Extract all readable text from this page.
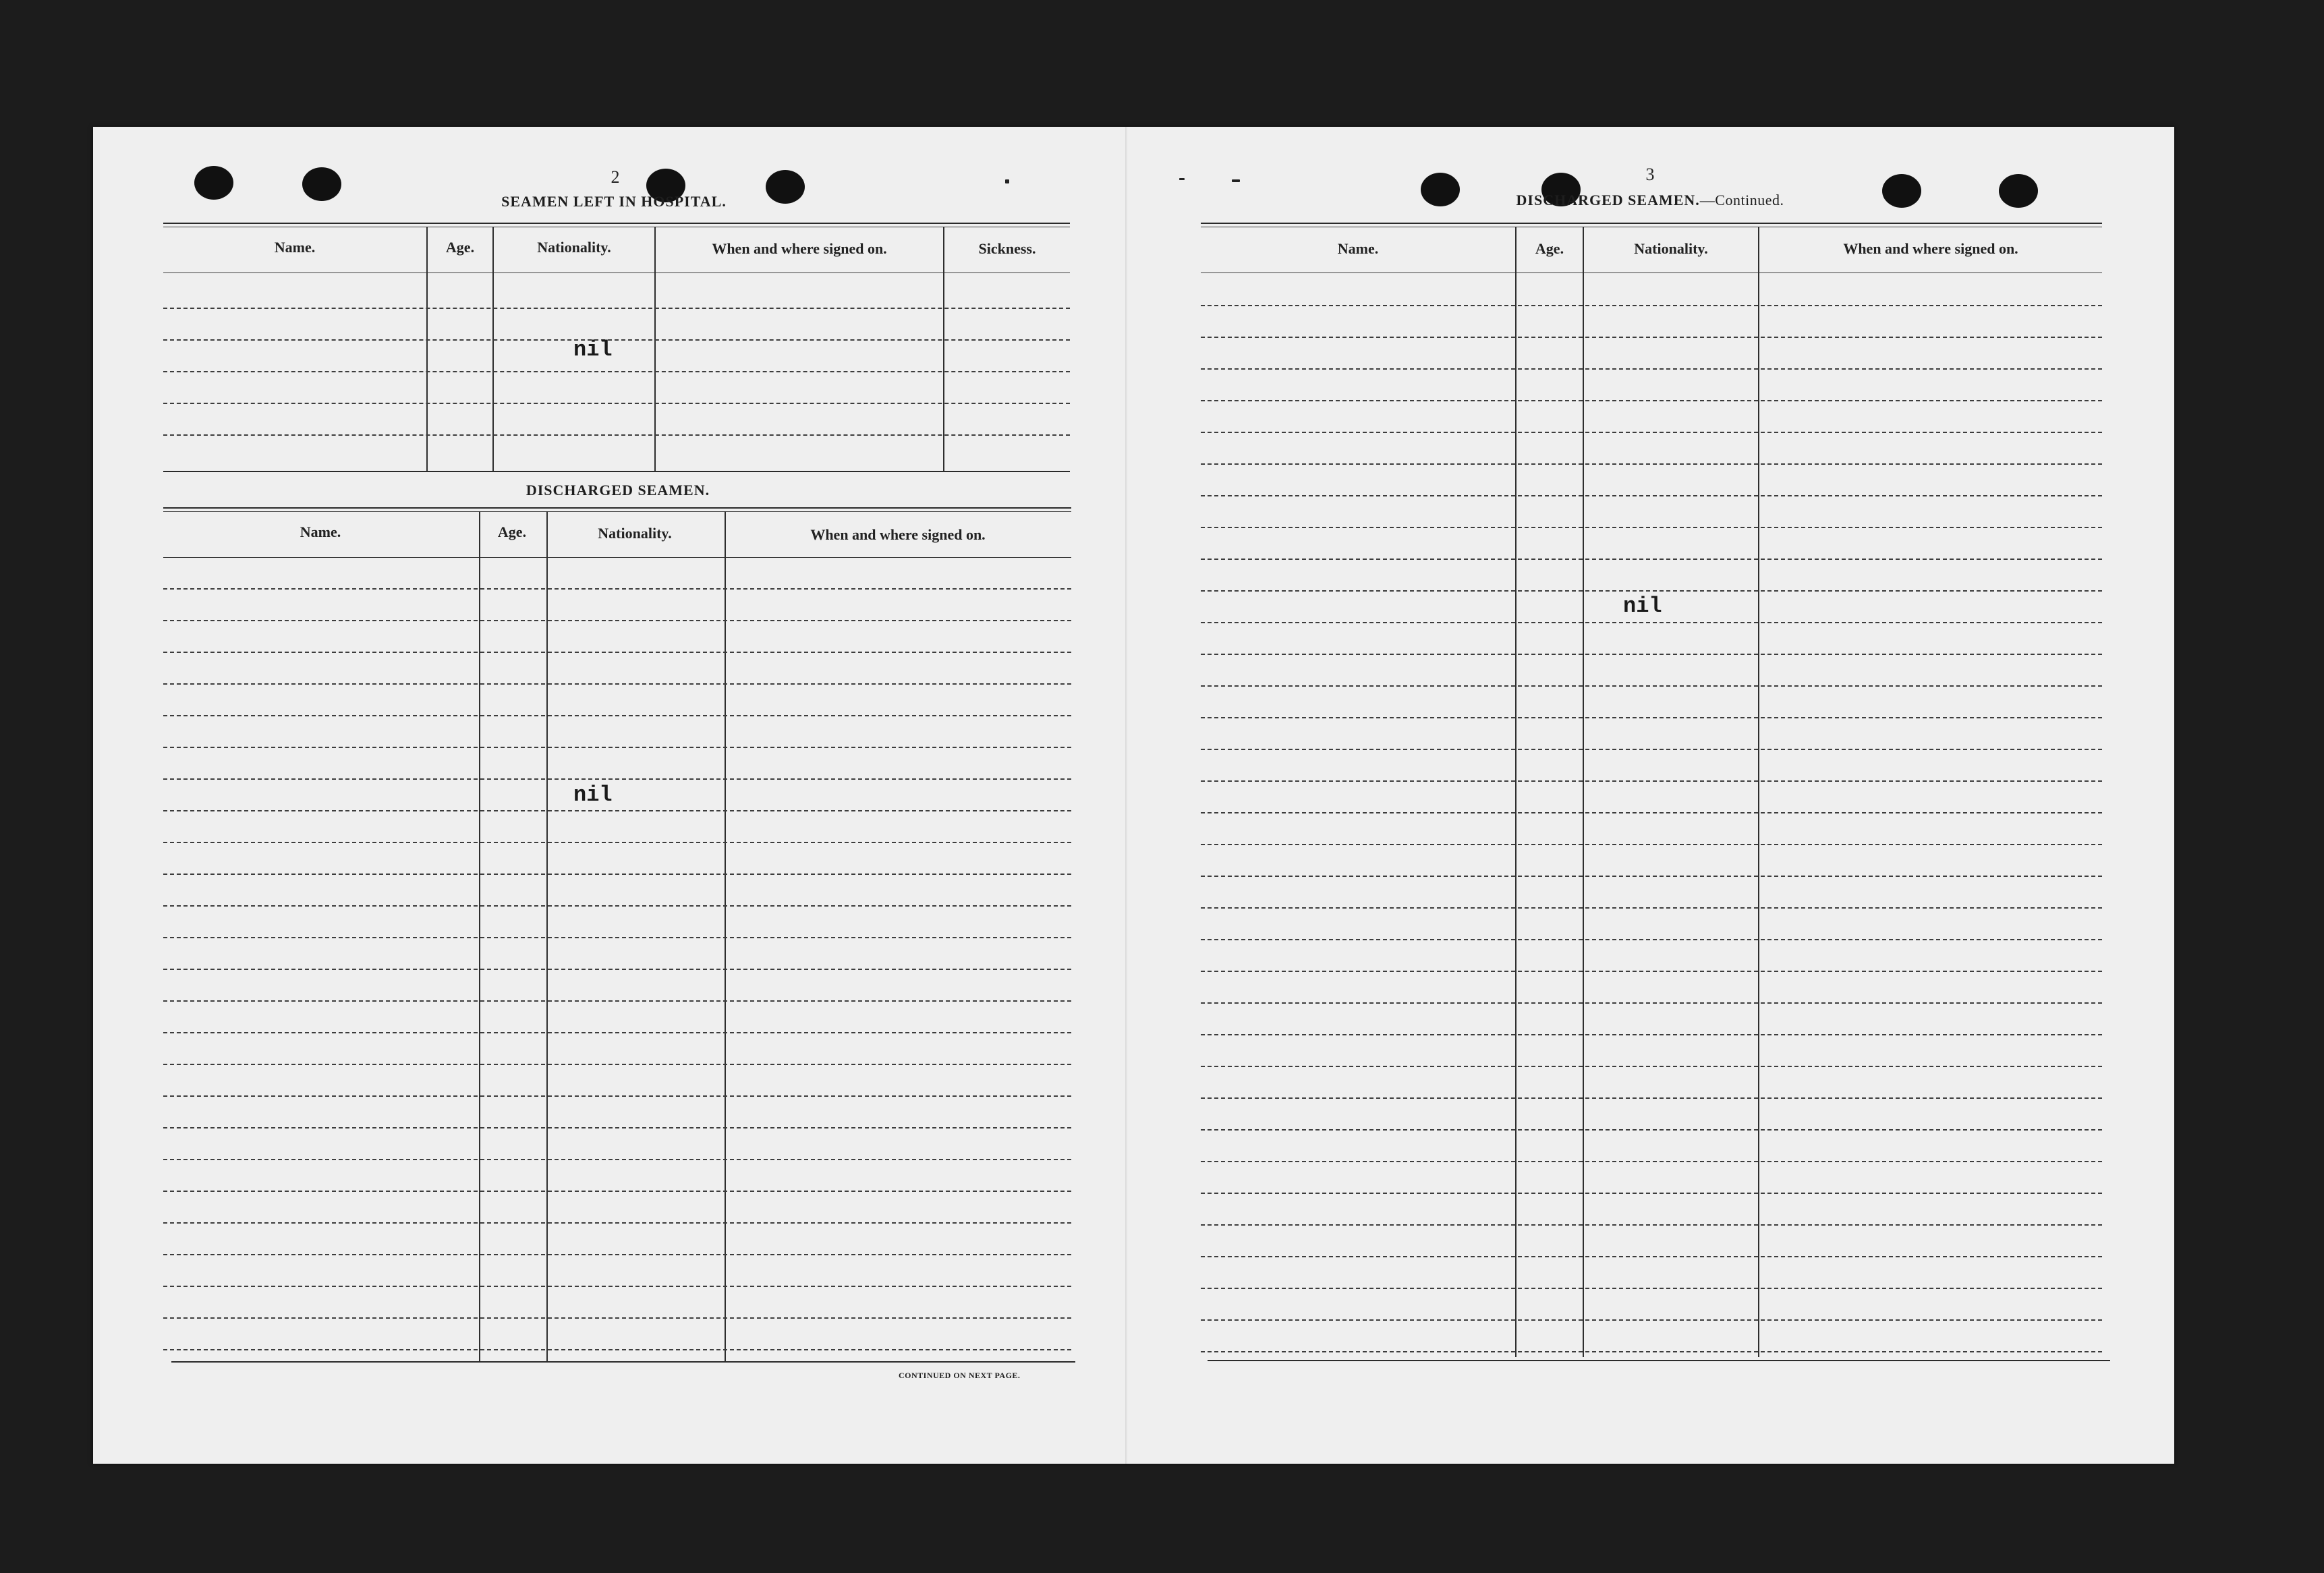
2
SEAMEN LEFT IN HOSPITAL.
Name.	Age.	Nationality.	When and where signed on.	Sickness.
nil
DISCHARGED SEAMEN.
Name.	Age.	Nationality.	When and where signed on.
nil
CONTINUED ON NEXT PAGE.
3
DISCHARGED SEAMEN.—Continued.
Name.	Age.	Nationality.	When and where signed on.
nil
